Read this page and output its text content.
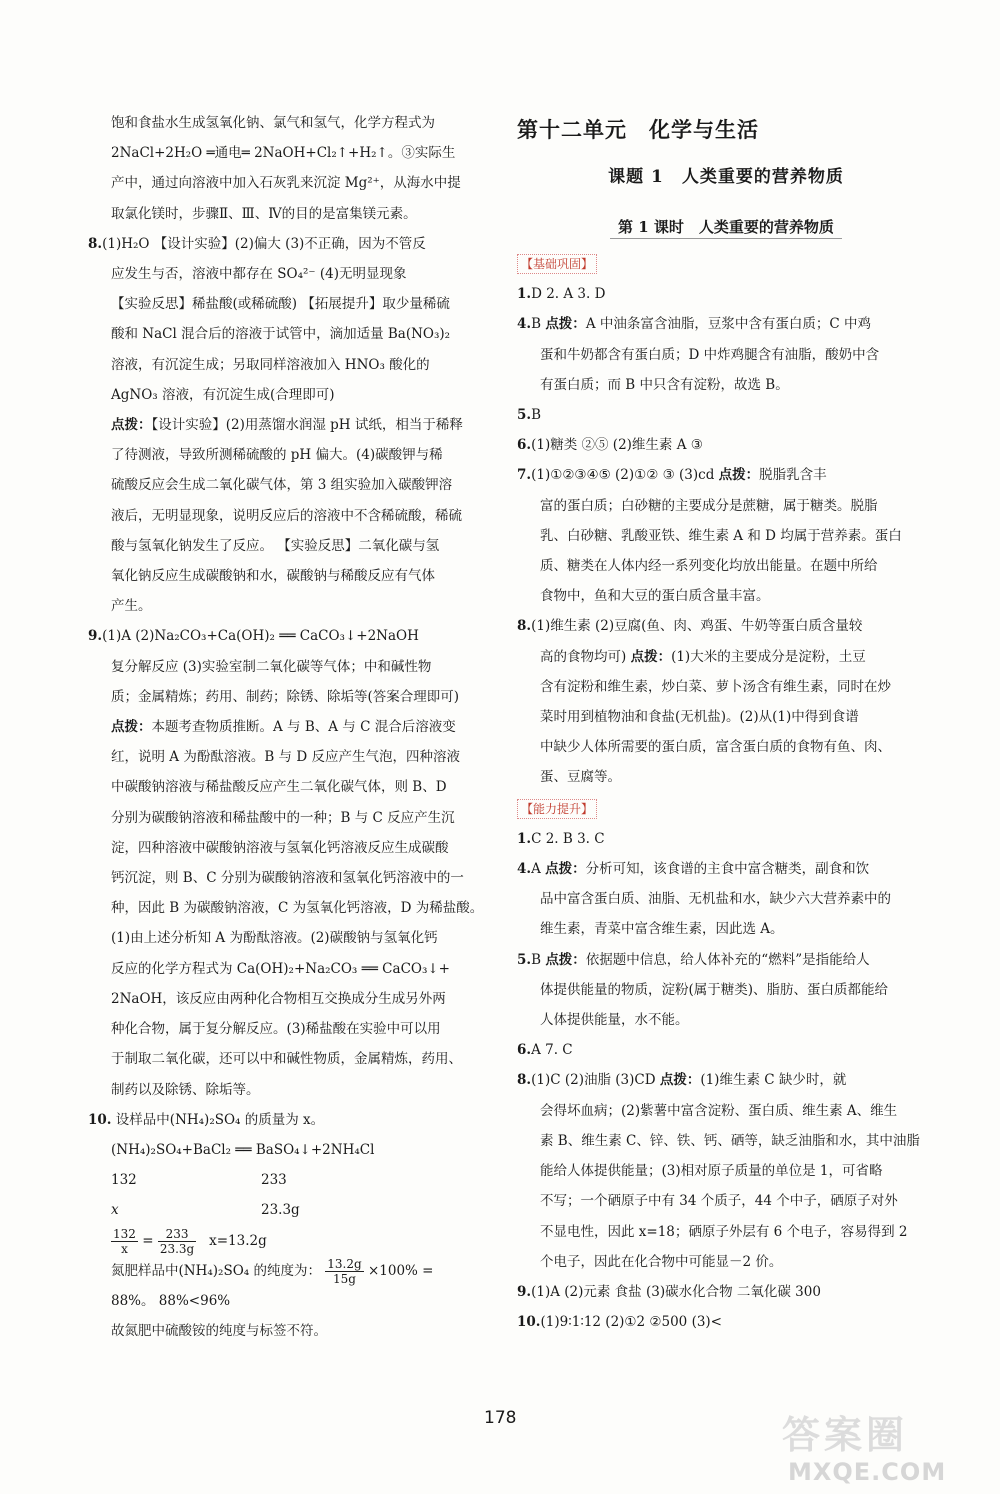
饱和食盐水生成氢氧化钠、氯气和氢气，化学方程式为

2NaCl+2H₂O ═通电═ 2NaOH+Cl₂↑+H₂↑。③实际生

产中，通过向溶液中加入石灰乳来沉淀 Mg²⁺，从海水中提

取氯化镁时，步骤Ⅱ、Ⅲ、Ⅳ的目的是富集镁元素。

8.(1)H₂O 【设计实验】(2)偏大 (3)不正确，因为不管反

应发生与否，溶液中都存在 SO₄²⁻ (4)无明显现象

【实验反思】稀盐酸(或稀硫酸) 【拓展提升】取少量稀硫

酸和 NaCl 混合后的溶液于试管中，滴加适量 Ba(NO₃)₂

溶液，有沉淀生成；另取同样溶液加入 HNO₃ 酸化的

AgNO₃ 溶液，有沉淀生成(合理即可)

点拨：【设计实验】(2)用蒸馏水润湿 pH 试纸，相当于稀释

了待测液，导致所测稀硫酸的 pH 偏大。(4)碳酸钾与稀

硫酸反应会生成二氧化碳气体，第 3 组实验加入碳酸钾溶

液后，无明显现象，说明反应后的溶液中不含稀硫酸，稀硫

酸与氢氧化钠发生了反应。 【实验反思】二氧化碳与氢

氧化钠反应生成碳酸钠和水，碳酸钠与稀酸反应有气体

产生。

9.(1)A (2)Na₂CO₃+Ca(OH)₂ ══ CaCO₃↓+2NaOH

复分解反应 (3)实验室制二氧化碳等气体；中和碱性物

质；金属精炼；药用、制药；除锈、除垢等(答案合理即可)

点拨：本题考查物质推断。A 与 B、A 与 C 混合后溶液变

红，说明 A 为酚酞溶液。B 与 D 反应产生气泡，四种溶液

中碳酸钠溶液与稀盐酸反应产生二氧化碳气体，则 B、D

分别为碳酸钠溶液和稀盐酸中的一种；B 与 C 反应产生沉

淀，四种溶液中碳酸钠溶液与氢氧化钙溶液反应生成碳酸

钙沉淀，则 B、C 分别为碳酸钠溶液和氢氧化钙溶液中的一

种，因此 B 为碳酸钠溶液，C 为氢氧化钙溶液，D 为稀盐酸。

(1)由上述分析知 A 为酚酞溶液。(2)碳酸钠与氢氧化钙

反应的化学方程式为 Ca(OH)₂+Na₂CO₃ ══ CaCO₃↓+

2NaOH，该反应由两种化合物相互交换成分生成另外两

种化合物，属于复分解反应。(3)稀盐酸在实验中可以用

于制取二氧化碳，还可以中和碱性物质，金属精炼，药用、

制药以及除锈、除垢等。

10. 设样品中(NH₄)₂SO₄ 的质量为 x。

(NH₄)₂SO₄+BaCl₂ ══ BaSO₄↓+2NH₄Cl

132	233
x	23.3g

$\frac{132}{x} = \frac{233}{23.3g} x=13.2g$

氮肥样品中(NH₄)₂SO₄ 的纯度为： $\frac{13.2g}{15g} \times 100\%$ =

88%。 88%<96%

故氮肥中硫酸铵的纯度与标签不符。

第十二单元　化学与生活

课题 1　人类重要的营养物质

第 1 课时　人类重要的营养物质

【基础巩固】

1.D 2. A 3. D

4.B 点拨：A 中油条富含油脂，豆浆中含有蛋白质；C 中鸡

蛋和牛奶都含有蛋白质；D 中炸鸡腿含有油脂，酸奶中含

有蛋白质；而 B 中只含有淀粉，故选 B。

5.B

6.(1)糖类 ②⑤ (2)维生素 A ③

7.(1)①②③④⑤ (2)①② ③ (3)cd 点拨：脱脂乳含丰

富的蛋白质；白砂糖的主要成分是蔗糖，属于糖类。脱脂

乳、白砂糖、乳酸亚铁、维生素 A 和 D 均属于营养素。蛋白

质、糖类在人体内经一系列变化均放出能量。在题中所给

食物中，鱼和大豆的蛋白质含量丰富。

8.(1)维生素 (2)豆腐(鱼、肉、鸡蛋、牛奶等蛋白质含量较

高的食物均可) 点拨：(1)大米的主要成分是淀粉，土豆

含有淀粉和维生素，炒白菜、萝卜汤含有维生素，同时在炒

菜时用到植物油和食盐(无机盐)。(2)从(1)中得到食谱

中缺少人体所需要的蛋白质，富含蛋白质的食物有鱼、肉、

蛋、豆腐等。

【能力提升】

1.C 2. B 3. C

4.A 点拨：分析可知，该食谱的主食中富含糖类，副食和饮

品中富含蛋白质、油脂、无机盐和水，缺少六大营养素中的

维生素，青菜中富含维生素，因此选 A。

5.B 点拨：依据题中信息，给人体补充的“燃料”是指能给人

体提供能量的物质，淀粉(属于糖类)、脂肪、蛋白质都能给

人体提供能量，水不能。

6.A 7. C

8.(1)C (2)油脂 (3)CD 点拨：(1)维生素 C 缺少时，就

会得坏血病；(2)紫薯中富含淀粉、蛋白质、维生素 A、维生

素 B、维生素 C、锌、铁、钙、硒等，缺乏油脂和水，其中油脂

能给人体提供能量；(3)相对原子质量的单位是 1，可省略

不写；一个硒原子中有 34 个质子，44 个中子，硒原子对外

不显电性，因此 x=18；硒原子外层有 6 个电子，容易得到 2

个电子，因此在化合物中可能显－2 价。

9.(1)A (2)元素 食盐 (3)碳水化合物 二氧化碳 300

10.(1)9∶1∶12 (2)①2 ②500 (3)<

178	答案圈
MXQE.COM
